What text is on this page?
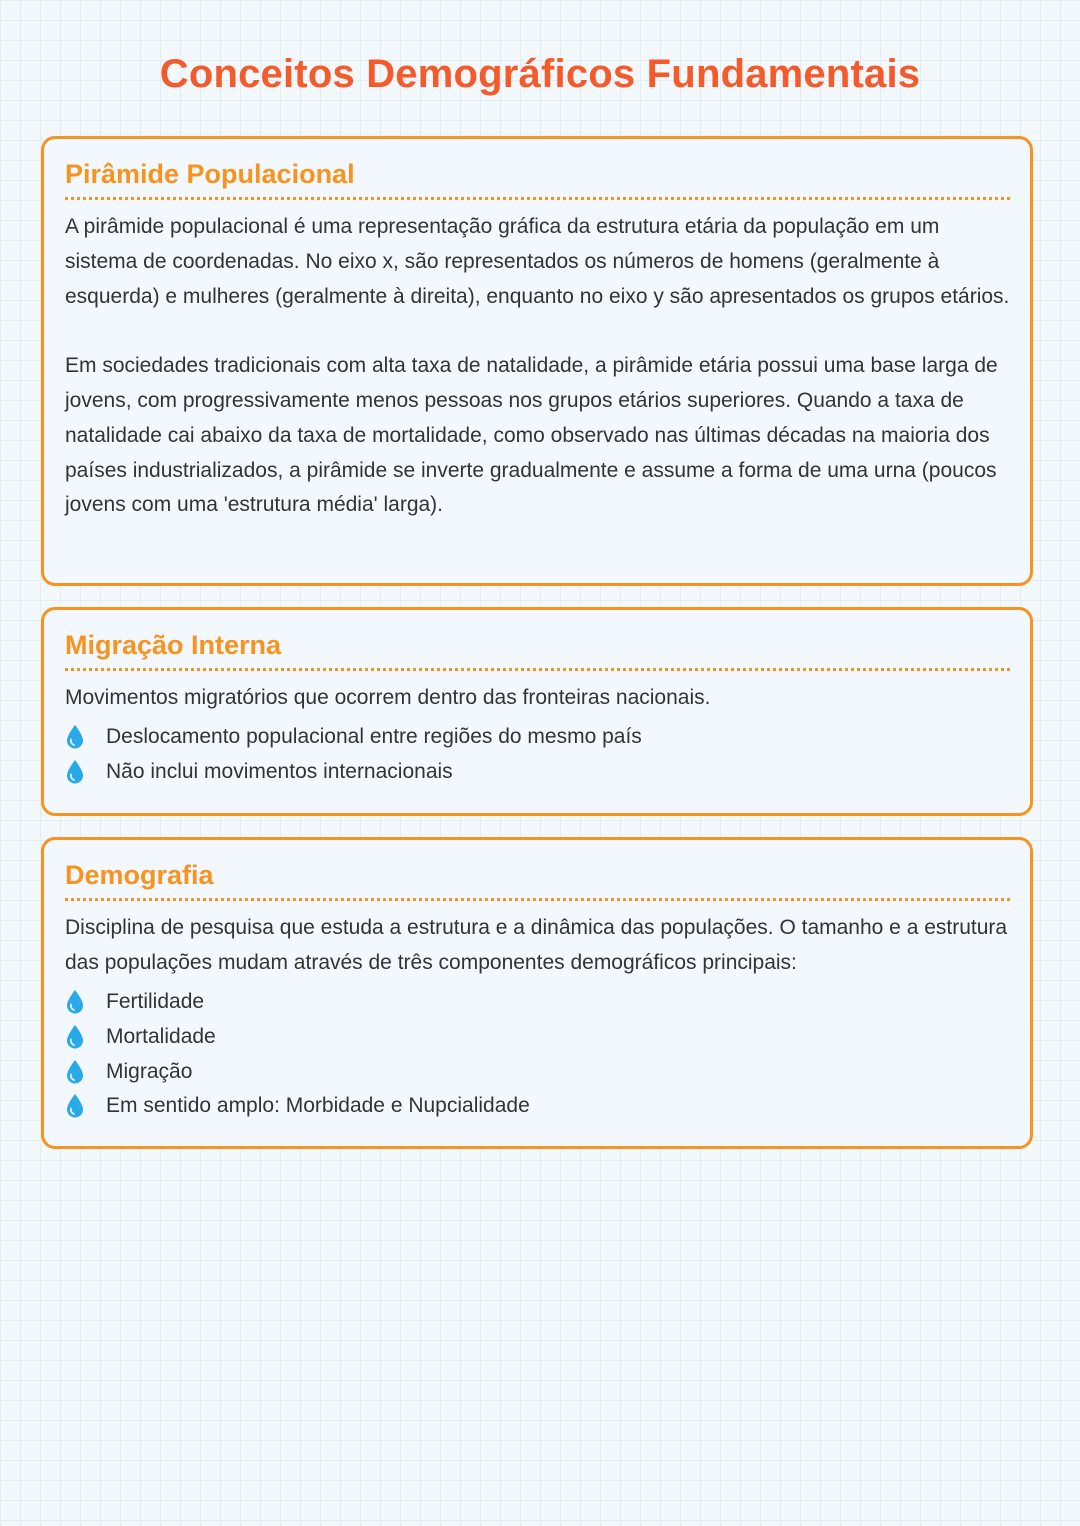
Conceitos Demográficos Fundamentais
Pirâmide Populacional

A pirâmide populacional é uma representação gráfica da estrutura etária da população em um sistema de coordenadas. No eixo x, são representados os números de homens (geralmente à esquerda) e mulheres (geralmente à direita), enquanto no eixo y são apresentados os grupos etários.

Em sociedades tradicionais com alta taxa de natalidade, a pirâmide etária possui uma base larga de jovens, com progressivamente menos pessoas nos grupos etários superiores. Quando a taxa de natalidade cai abaixo da taxa de mortalidade, como observado nas últimas décadas na maioria dos países industrializados, a pirâmide se inverte gradualmente e assume a forma de uma urna (poucos jovens com uma 'estrutura média' larga).

Migração Interna

Movimentos migratórios que ocorrem dentro das fronteiras nacionais.

Deslocamento populacional entre regiões do mesmo país
Não inclui movimentos internacionais
Demografia

Disciplina de pesquisa que estuda a estrutura e a dinâmica das populações. O tamanho e a estrutura das populações mudam através de três componentes demográficos principais:

Fertilidade
Mortalidade
Migração
Em sentido amplo: Morbidade e Nupcialidade
